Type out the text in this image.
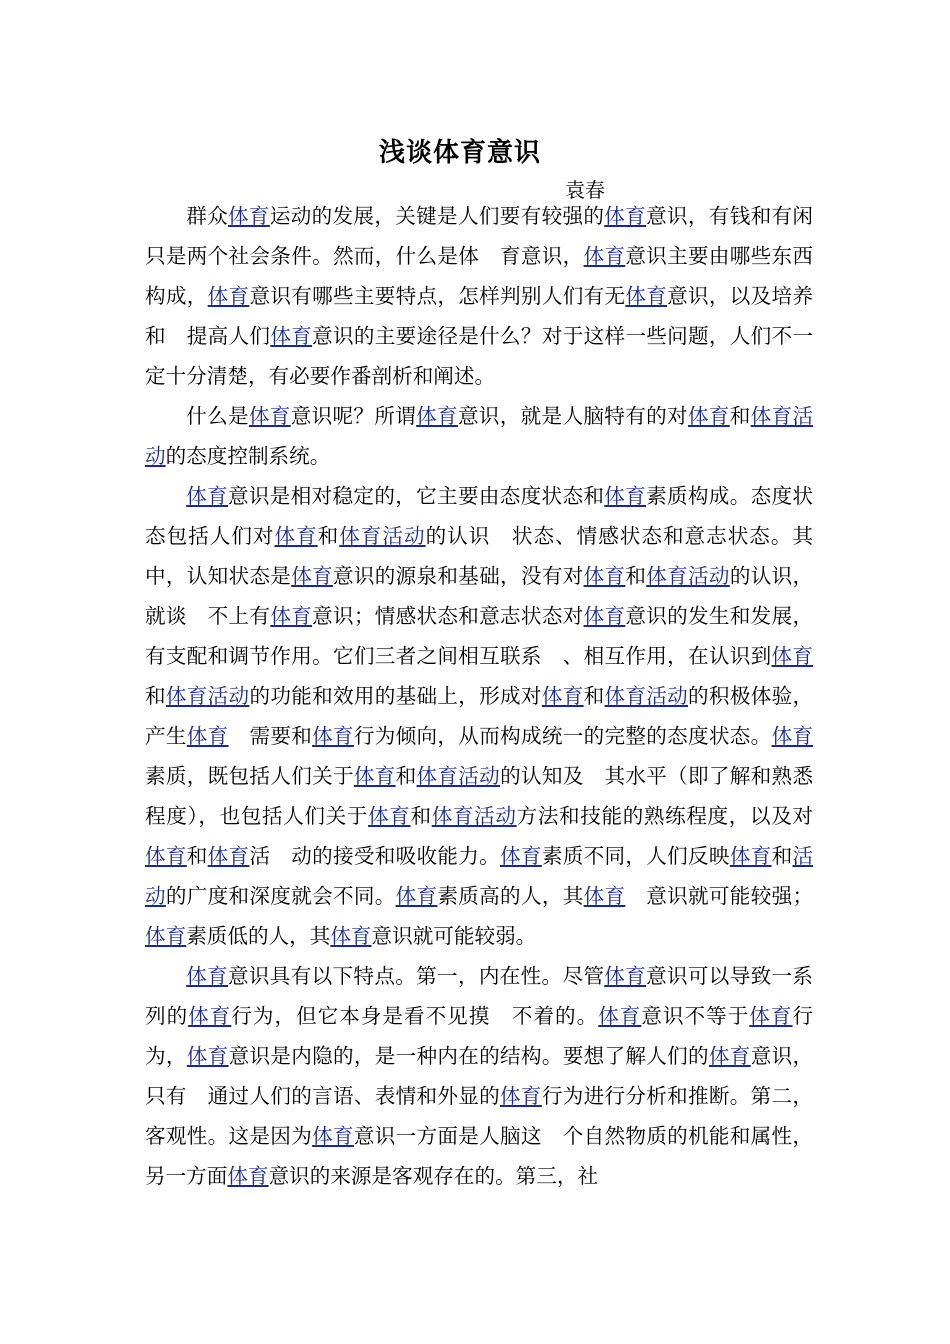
浅谈体育意识
袁春

群众体育运动的发展，关键是人们要有较强的体育意识，有钱和有闲只是两个社会条件。然而，什么是体　育意识，体育意识主要由哪些东西构成，体育意识有哪些主要特点，怎样判别人们有无体育意识，以及培养和　提高人们体育意识的主要途径是什么？对于这样一些问题，人们不一定十分清楚，有必要作番剖析和阐述。

什么是体育意识呢？所谓体育意识，就是人脑特有的对体育和体育活动的态度控制系统。

体育意识是相对稳定的，它主要由态度状态和体育素质构成。态度状态包括人们对体育和体育活动的认识　状态、情感状态和意志状态。其中，认知状态是体育意识的源泉和基础，没有对体育和体育活动的认识，就谈　不上有体育意识；情感状态和意志状态对体育意识的发生和发展，有支配和调节作用。它们三者之间相互联系　、相互作用，在认识到体育和体育活动的功能和效用的基础上，形成对体育和体育活动的积极体验，产生体育　需要和体育行为倾向，从而构成统一的完整的态度状态。体育素质，既包括人们关于体育和体育活动的认知及　其水平（即了解和熟悉程度），也包括人们关于体育和体育活动方法和技能的熟练程度，以及对体育和体育活　动的接受和吸收能力。体育素质不同，人们反映体育和活动的广度和深度就会不同。体育素质高的人，其体育　意识就可能较强；体育素质低的人，其体育意识就可能较弱。

体育意识具有以下特点。第一，内在性。尽管体育意识可以导致一系列的体育行为，但它本身是看不见摸　不着的。体育意识不等于体育行为，体育意识是内隐的，是一种内在的结构。要想了解人们的体育意识，只有　通过人们的言语、表情和外显的体育行为进行分析和推断。第二，客观性。这是因为体育意识一方面是人脑这　个自然物质的机能和属性，另一方面体育意识的来源是客观存在的。第三，社
